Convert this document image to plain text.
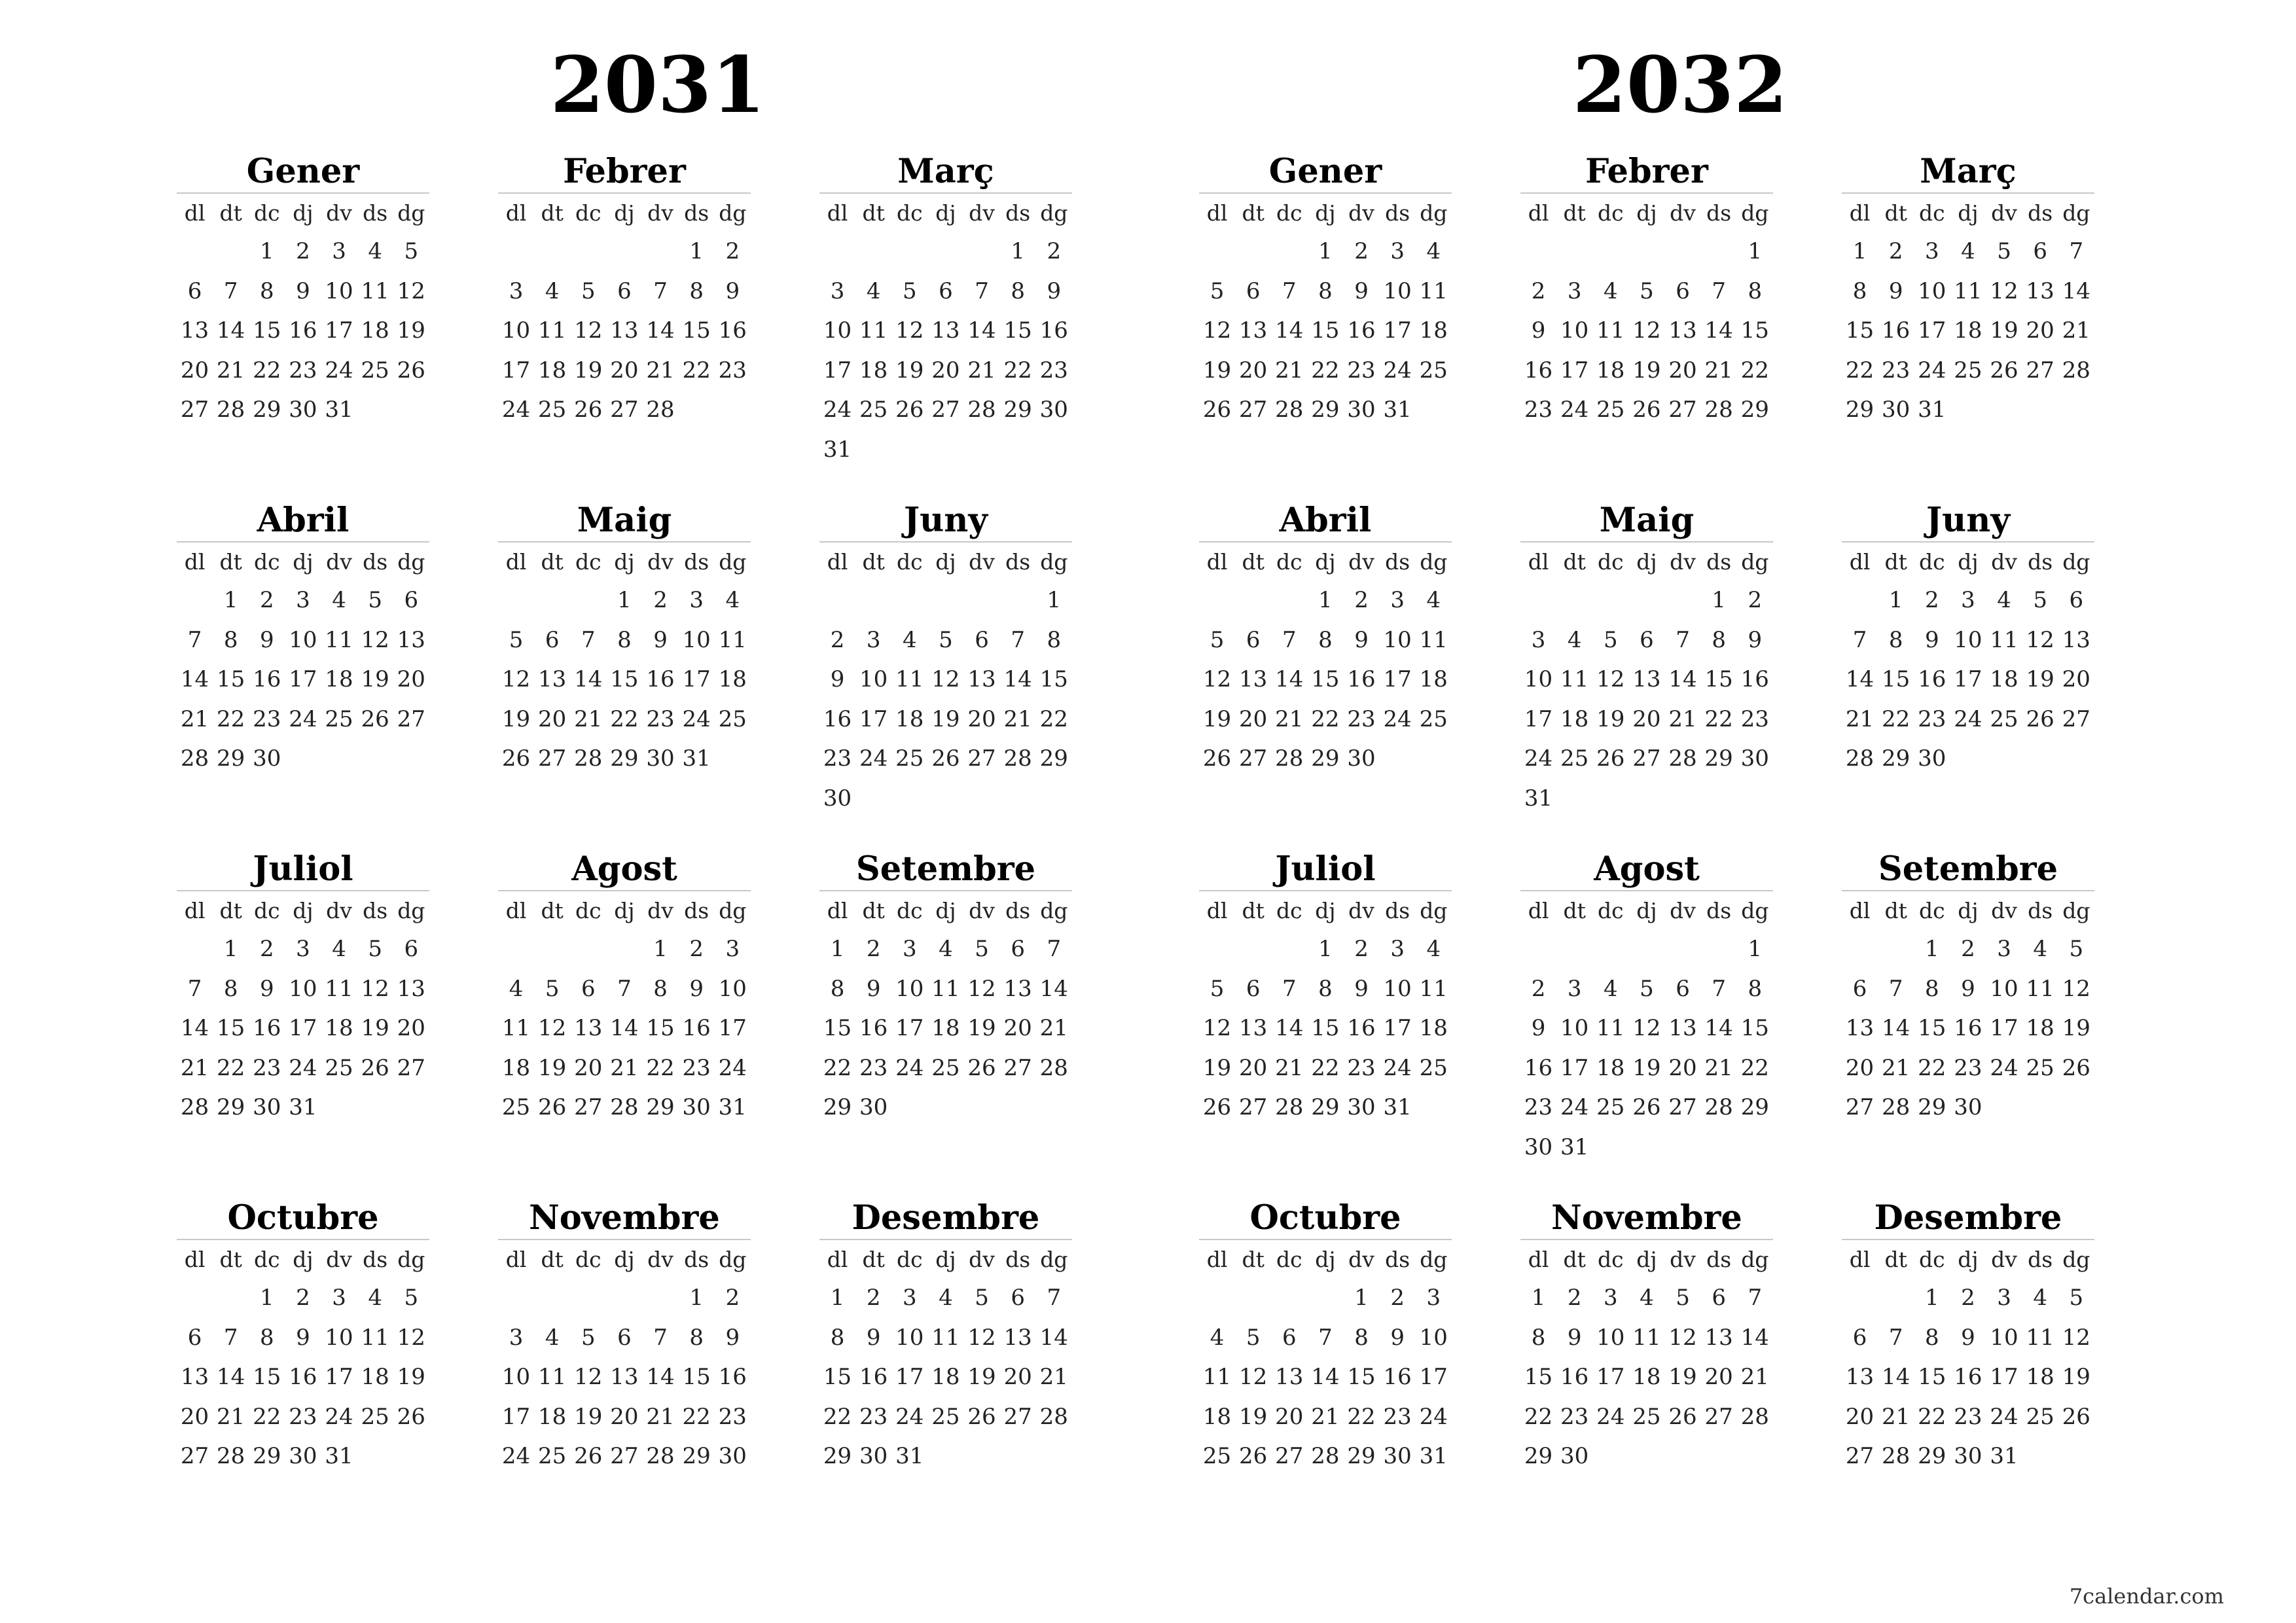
2031
Gener
dl dt dc dj dv ds dg
1 2 3 4 5
6 7 8 9 10 11 12
13 14 15 16 17 18 19
20 21 22 23 24 25 26
27 28 29 30 31
Febrer
dl dt dc dj dv ds dg
1 2
3 4 5 6 7 8 9
10 11 12 13 14 15 16
17 18 19 20 21 22 23
24 25 26 27 28
Març
dl dt dc dj dv ds dg
1 2
3 4 5 6 7 8 9
10 11 12 13 14 15 16
17 18 19 20 21 22 23
24 25 26 27 28 29 30
31
Abril
dl dt dc dj dv ds dg
1 2 3 4 5 6
7 8 9 10 11 12 13
14 15 16 17 18 19 20
21 22 23 24 25 26 27
28 29 30
Maig
dl dt dc dj dv ds dg
1 2 3 4
5 6 7 8 9 10 11
12 13 14 15 16 17 18
19 20 21 22 23 24 25
26 27 28 29 30 31
Juny
dl dt dc dj dv ds dg
1
2 3 4 5 6 7 8
9 10 11 12 13 14 15
16 17 18 19 20 21 22
23 24 25 26 27 28 29
30
Juliol
dl dt dc dj dv ds dg
1 2 3 4 5 6
7 8 9 10 11 12 13
14 15 16 17 18 19 20
21 22 23 24 25 26 27
28 29 30 31
Agost
dl dt dc dj dv ds dg
1 2 3
4 5 6 7 8 9 10
11 12 13 14 15 16 17
18 19 20 21 22 23 24
25 26 27 28 29 30 31
Setembre
dl dt dc dj dv ds dg
1 2 3 4 5 6 7
8 9 10 11 12 13 14
15 16 17 18 19 20 21
22 23 24 25 26 27 28
29 30
Octubre
dl dt dc dj dv ds dg
1 2 3 4 5
6 7 8 9 10 11 12
13 14 15 16 17 18 19
20 21 22 23 24 25 26
27 28 29 30 31
Novembre
dl dt dc dj dv ds dg
1 2
3 4 5 6 7 8 9
10 11 12 13 14 15 16
17 18 19 20 21 22 23
24 25 26 27 28 29 30
Desembre
dl dt dc dj dv ds dg
1 2 3 4 5 6 7
8 9 10 11 12 13 14
15 16 17 18 19 20 21
22 23 24 25 26 27 28
29 30 31
2032
Gener
dl dt dc dj dv ds dg
1 2 3 4
5 6 7 8 9 10 11
12 13 14 15 16 17 18
19 20 21 22 23 24 25
26 27 28 29 30 31
Febrer
dl dt dc dj dv ds dg
1
2 3 4 5 6 7 8
9 10 11 12 13 14 15
16 17 18 19 20 21 22
23 24 25 26 27 28 29
Març
dl dt dc dj dv ds dg
1 2 3 4 5 6 7
8 9 10 11 12 13 14
15 16 17 18 19 20 21
22 23 24 25 26 27 28
29 30 31
Abril
dl dt dc dj dv ds dg
1 2 3 4
5 6 7 8 9 10 11
12 13 14 15 16 17 18
19 20 21 22 23 24 25
26 27 28 29 30
Maig
dl dt dc dj dv ds dg
1 2
3 4 5 6 7 8 9
10 11 12 13 14 15 16
17 18 19 20 21 22 23
24 25 26 27 28 29 30
31
Juny
dl dt dc dj dv ds dg
1 2 3 4 5 6
7 8 9 10 11 12 13
14 15 16 17 18 19 20
21 22 23 24 25 26 27
28 29 30
Juliol
dl dt dc dj dv ds dg
1 2 3 4
5 6 7 8 9 10 11
12 13 14 15 16 17 18
19 20 21 22 23 24 25
26 27 28 29 30 31
Agost
dl dt dc dj dv ds dg
1
2 3 4 5 6 7 8
9 10 11 12 13 14 15
16 17 18 19 20 21 22
23 24 25 26 27 28 29
30 31
Setembre
dl dt dc dj dv ds dg
1 2 3 4 5
6 7 8 9 10 11 12
13 14 15 16 17 18 19
20 21 22 23 24 25 26
27 28 29 30
Octubre
dl dt dc dj dv ds dg
1 2 3
4 5 6 7 8 9 10
11 12 13 14 15 16 17
18 19 20 21 22 23 24
25 26 27 28 29 30 31
Novembre
dl dt dc dj dv ds dg
1 2 3 4 5 6 7
8 9 10 11 12 13 14
15 16 17 18 19 20 21
22 23 24 25 26 27 28
29 30
Desembre
dl dt dc dj dv ds dg
1 2 3 4 5
6 7 8 9 10 11 12
13 14 15 16 17 18 19
20 21 22 23 24 25 26
27 28 29 30 31
7calendar.com
